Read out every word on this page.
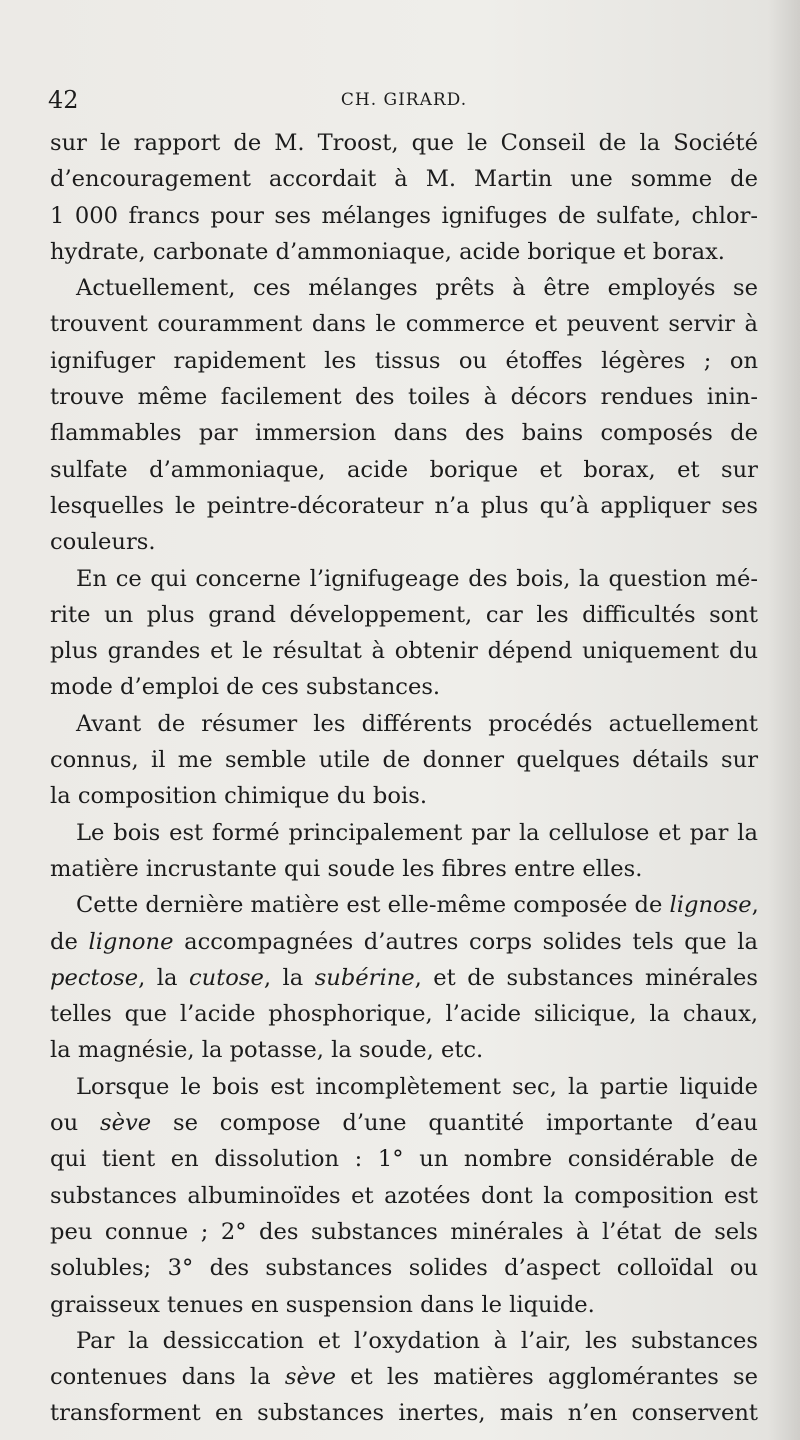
42	CH. GIRARD.
sur le rapport de M. Troost, que le Conseil de la Société
d’encouragement accordait à M. Martin une somme de
1 000 francs pour ses mélanges ignifuges de sulfate, chlor-
hydrate, carbonate d’ammoniaque, acide borique et borax.
Actuellement, ces mélanges prêts à être employés se
trouvent couramment dans le commerce et peuvent servir à
ignifuger rapidement les tissus ou étoffes légères ; on
trouve même facilement des toiles à décors rendues inin-
flammables par immersion dans des bains composés de
sulfate d’ammoniaque, acide borique et borax, et sur
lesquelles le peintre-décorateur n’a plus qu’à appliquer ses
couleurs.
En ce qui concerne l’ignifugeage des bois, la question mé-
rite un plus grand développement, car les difficultés sont
plus grandes et le résultat à obtenir dépend uniquement du
mode d’emploi de ces substances.
Avant de résumer les différents procédés actuellement
connus, il me semble utile de donner quelques détails sur
la composition chimique du bois.
Le bois est formé principalement par la cellulose et par la
matière incrustante qui soude les fibres entre elles.
Cette dernière matière est elle-même composée de lignose,
de lignone accompagnées d’autres corps solides tels que la
pectose, la cutose, la subérine, et de substances minérales
telles que l’acide phosphorique, l’acide silicique, la chaux,
la magnésie, la potasse, la soude, etc.
Lorsque le bois est incomplètement sec, la partie liquide
ou sève se compose d’une quantité importante d’eau
qui tient en dissolution : 1° un nombre considérable de
substances albuminoïdes et azotées dont la composition est
peu connue ; 2° des substances minérales à l’état de sels
solubles; 3° des substances solides d’aspect colloïdal ou
graisseux tenues en suspension dans le liquide.
Par la dessiccation et l’oxydation à l’air, les substances
contenues dans la sève et les matières agglomérantes se
transforment en substances inertes, mais n’en conservent
